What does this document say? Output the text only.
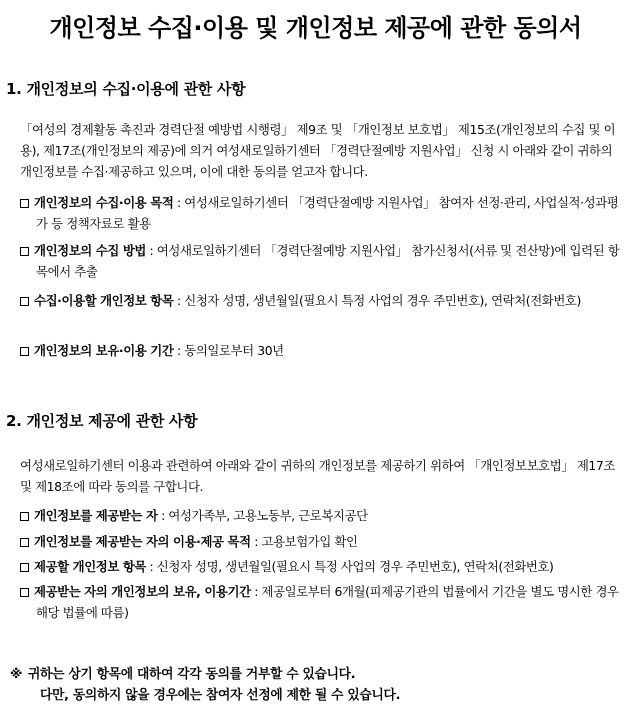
개인정보 수집·이용 및 개인정보 제공에 관한 동의서
1. 개인정보의 수집·이용에 관한 사항

「여성의 경제활동 촉진과 경력단절 예방법 시행령」 제9조 및 「개인정보 보호법」 제15조(개인정보의 수집 및 이용), 제17조(개인정보의 제공)에 의거 여성새로일하기센터 「경력단절예방 지원사업」 신청 시 아래와 같이 귀하의 개인정보를 수집·제공하고 있으며, 이에 대한 동의를 얻고자 합니다.

개인정보의 수집·이용 목적 : 여성새로일하기센터 「경력단절예방 지원사업」 참여자 선정·관리, 사업실적·성과평가 등 정책자료로 활용
개인정보의 수집 방법 : 여성새로일하기센터 「경력단절예방 지원사업」 참가신청서(서류 및 전산망)에 입력된 항목에서 추출
수집·이용할 개인정보 항목 : 신청자 성명, 생년월일(필요시 특정 사업의 경우 주민번호), 연락처(전화번호)
개인정보의 보유·이용 기간 : 동의일로부터 30년
2. 개인정보 제공에 관한 사항

여성새로일하기센터 이용과 관련하여 아래와 같이 귀하의 개인정보를 제공하기 위하여 「개인정보보호법」 제17조 및 제18조에 따라 동의를 구합니다.

개인정보를 제공받는 자 : 여성가족부, 고용노동부, 근로복지공단
개인정보를 제공받는 자의 이용·제공 목적 : 고용보험가입 확인
제공할 개인정보 항목 : 신청자 성명, 생년월일(필요시 특정 사업의 경우 주민번호), 연락처(전화번호)
제공받는 자의 개인정보의 보유, 이용기간 : 제공일로부터 6개월(피제공기관의 법률에서 기간을 별도 명시한 경우 해당 법률에 따름)
※ 귀하는 상기 항목에 대하여 각각 동의를 거부할 수 있습니다.
다만, 동의하지 않을 경우에는 참여자 선정에 제한 될 수 있습니다.
